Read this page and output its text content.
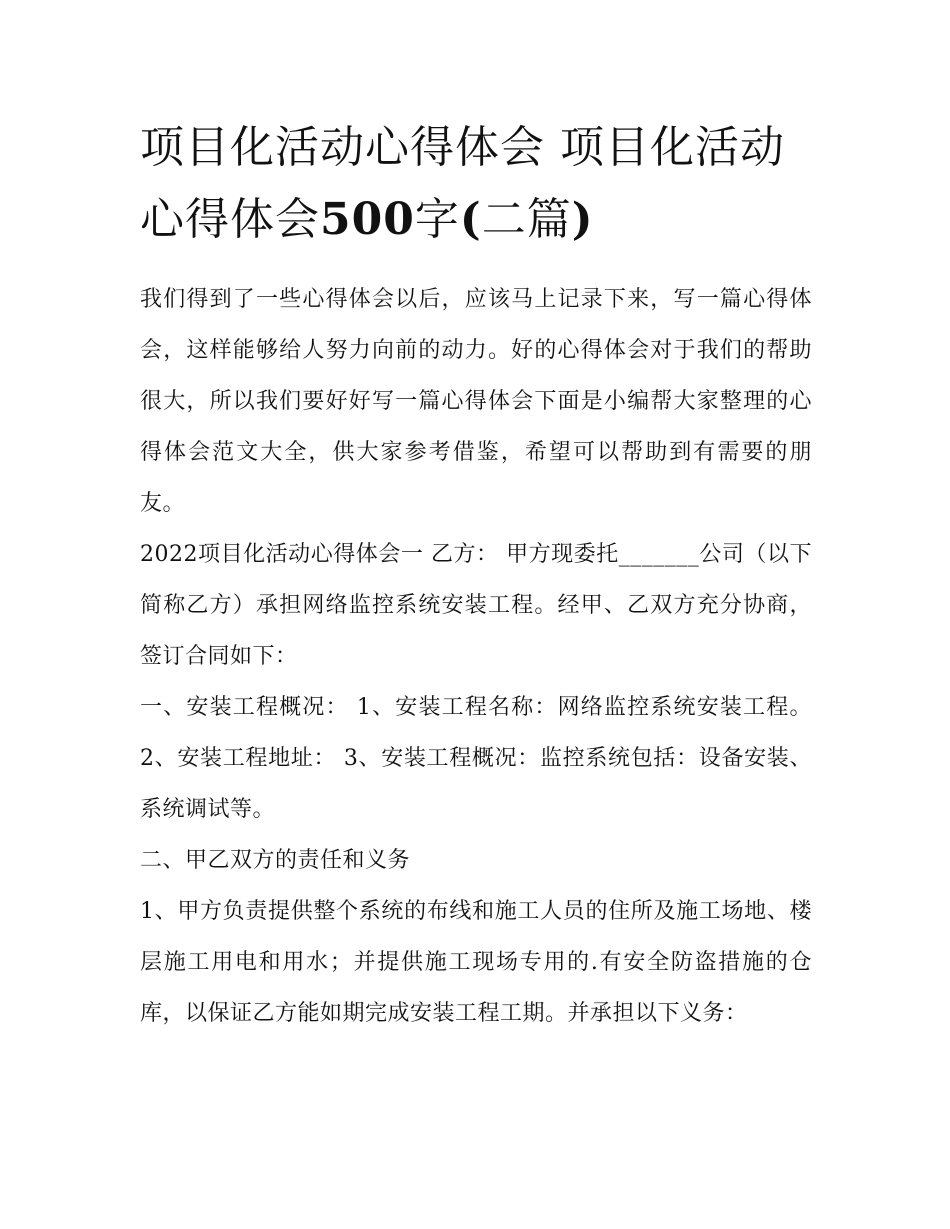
项目化活动心得体会 项目化活动心得体会500字(二篇)

我们得到了一些心得体会以后，应该马上记录下来，写一篇心得体会，这样能够给人努力向前的动力。好的心得体会对于我们的帮助很大，所以我们要好好写一篇心得体会下面是小编帮大家整理的心得体会范文大全，供大家参考借鉴，希望可以帮助到有需要的朋友。

2022项目化活动心得体会一 乙方： 甲方现委托_______公司（以下简称乙方）承担网络监控系统安装工程。经甲、乙双方充分协商，签订合同如下：

一、安装工程概况： 1、安装工程名称：网络监控系统安装工程。 2、安装工程地址： 3、安装工程概况：监控系统包括：设备安装、系统调试等。

二、甲乙双方的责任和义务

1、甲方负责提供整个系统的布线和施工人员的住所及施工场地、楼层施工用电和用水；并提供施工现场专用的.有安全防盗措施的仓库，以保证乙方能如期完成安装工程工期。并承担以下义务：
